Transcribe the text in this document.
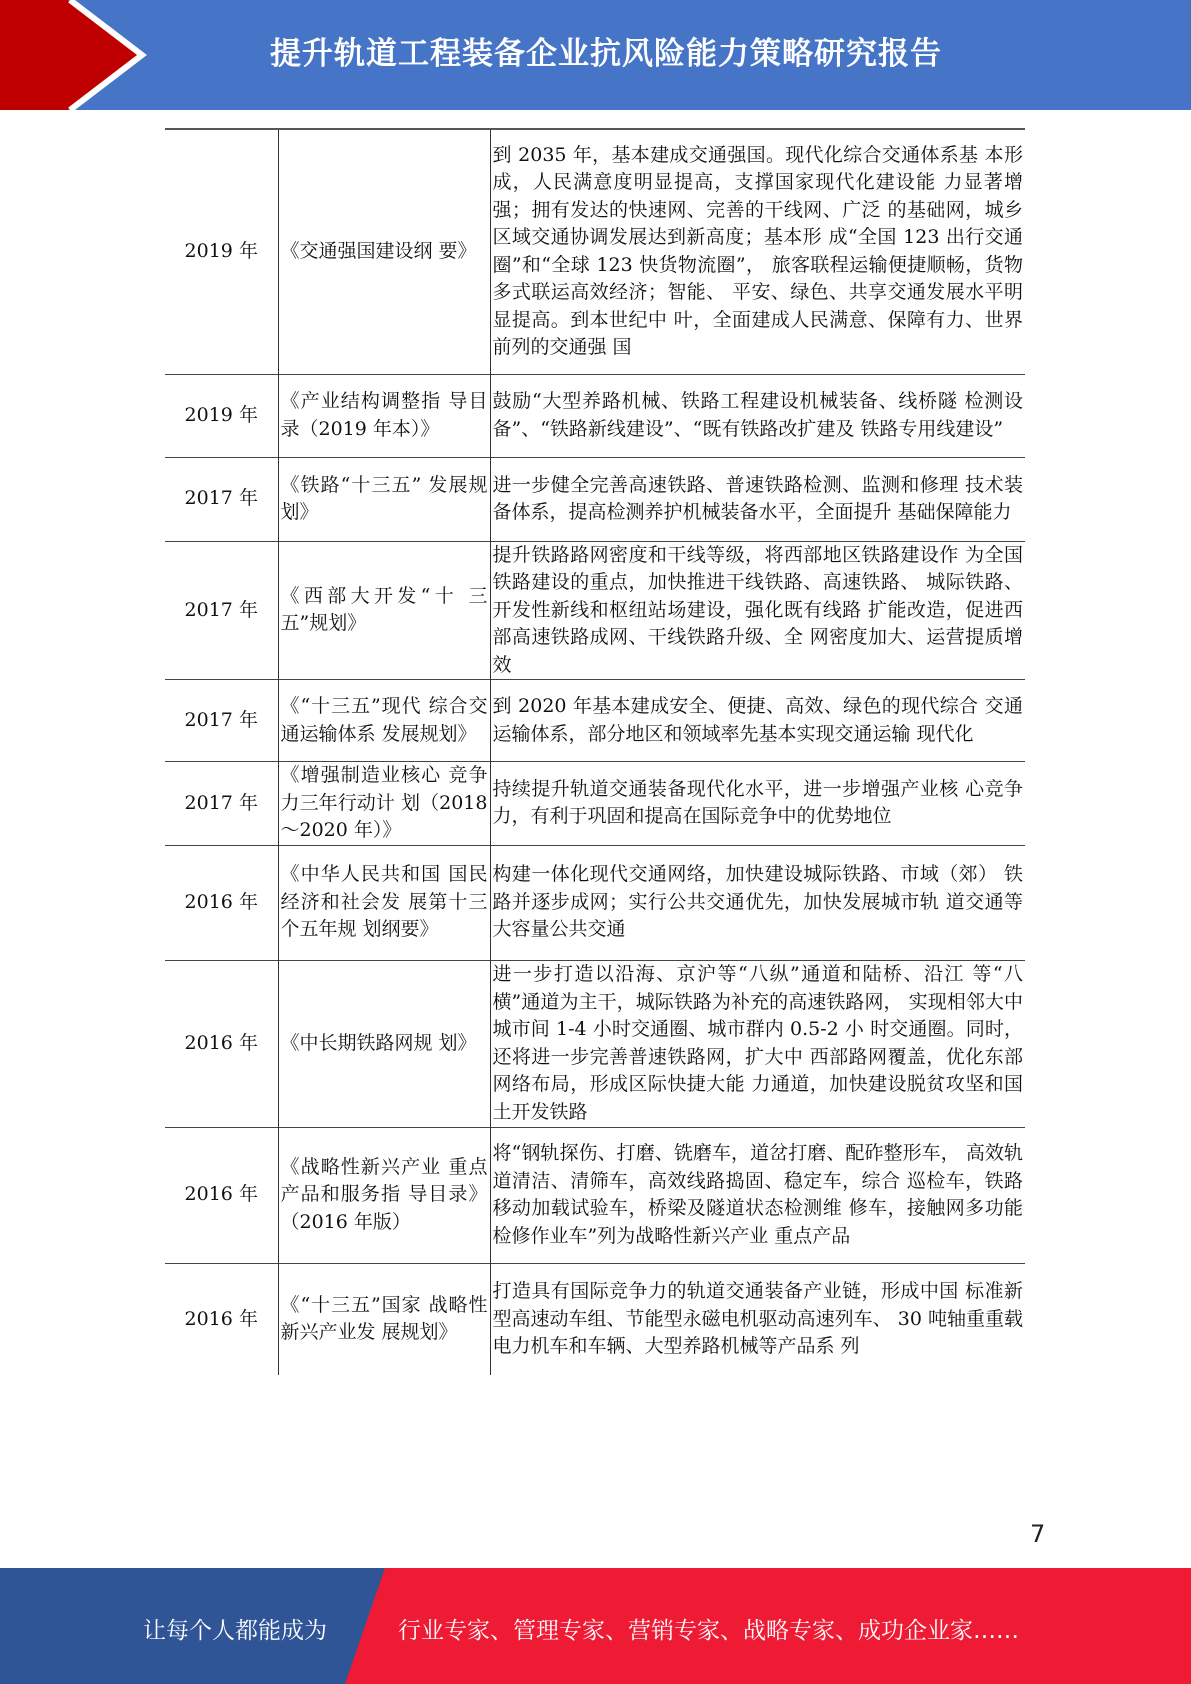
提升轨道工程装备企业抗风险能力策略研究报告
2019 年	《交通强国建设纲 要》	到 2035 年，基本建成交通强国。现代化综合交通体系基 本形成，人民满意度明显提高，支撑国家现代化建设能 力显著增强；拥有发达的快速网、完善的干线网、广泛 的基础网，城乡区域交通协调发展达到新高度；基本形 成“全国 123 出行交通圈”和“全球 123 快货物流圈”， 旅客联程运输便捷顺畅，货物多式联运高效经济；智能、 平安、绿色、共享交通发展水平明显提高。到本世纪中 叶，全面建成人民满意、保障有力、世界前列的交通强 国
2019 年	《产业结构调整指 导目录（2019 年本）》	鼓励“大型养路机械、铁路工程建设机械装备、线桥隧 检测设备”、“铁路新线建设”、“既有铁路改扩建及 铁路专用线建设”
2017 年	《铁路“十三五” 发展规划》	进一步健全完善高速铁路、普速铁路检测、监测和修理 技术装备体系，提高检测养护机械装备水平，全面提升 基础保障能力
2017 年	《西部大开发“十 三五”规划》	提升铁路路网密度和干线等级，将西部地区铁路建设作 为全国铁路建设的重点，加快推进干线铁路、高速铁路、 城际铁路、开发性新线和枢纽站场建设，强化既有线路 扩能改造，促进西部高速铁路成网、干线铁路升级、全 网密度加大、运营提质增效
2017 年	《“十三五”现代 综合交通运输体系 发展规划》	到 2020 年基本建成安全、便捷、高效、绿色的现代综合 交通运输体系，部分地区和领域率先基本实现交通运输 现代化
2017 年	《增强制造业核心 竞争力三年行动计 划（2018～2020 年）》	持续提升轨道交通装备现代化水平，进一步增强产业核 心竞争力，有利于巩固和提高在国际竞争中的优势地位
2016 年	《中华人民共和国 国民经济和社会发 展第十三个五年规 划纲要》	构建一体化现代交通网络，加快建设城际铁路、市域（郊） 铁路并逐步成网；实行公共交通优先，加快发展城市轨 道交通等大容量公共交通
2016 年	《中长期铁路网规 划》	进一步打造以沿海、京沪等“八纵”通道和陆桥、沿江 等“八横”通道为主干，城际铁路为补充的高速铁路网， 实现相邻大中城市间 1-4 小时交通圈、城市群内 0.5-2 小 时交通圈。同时，还将进一步完善普速铁路网，扩大中 西部路网覆盖，优化东部网络布局，形成区际快捷大能 力通道，加快建设脱贫攻坚和国土开发铁路
2016 年	《战略性新兴产业 重点产品和服务指 导目录》（2016 年版）	将“钢轨探伤、打磨、铣磨车，道岔打磨、配砟整形车， 高效轨道清洁、清筛车，高效线路捣固、稳定车，综合 巡检车，铁路移动加载试验车，桥梁及隧道状态检测维 修车，接触网多功能检修作业车”列为战略性新兴产业 重点产品
2016 年	《“十三五”国家 战略性新兴产业发 展规划》	打造具有国际竞争力的轨道交通装备产业链，形成中国 标准新型高速动车组、节能型永磁电机驱动高速列车、 30 吨轴重重载电力机车和车辆、大型养路机械等产品系 列
7
让每个人都能成为	行业专家、管理专家、营销专家、战略专家、成功企业家……
